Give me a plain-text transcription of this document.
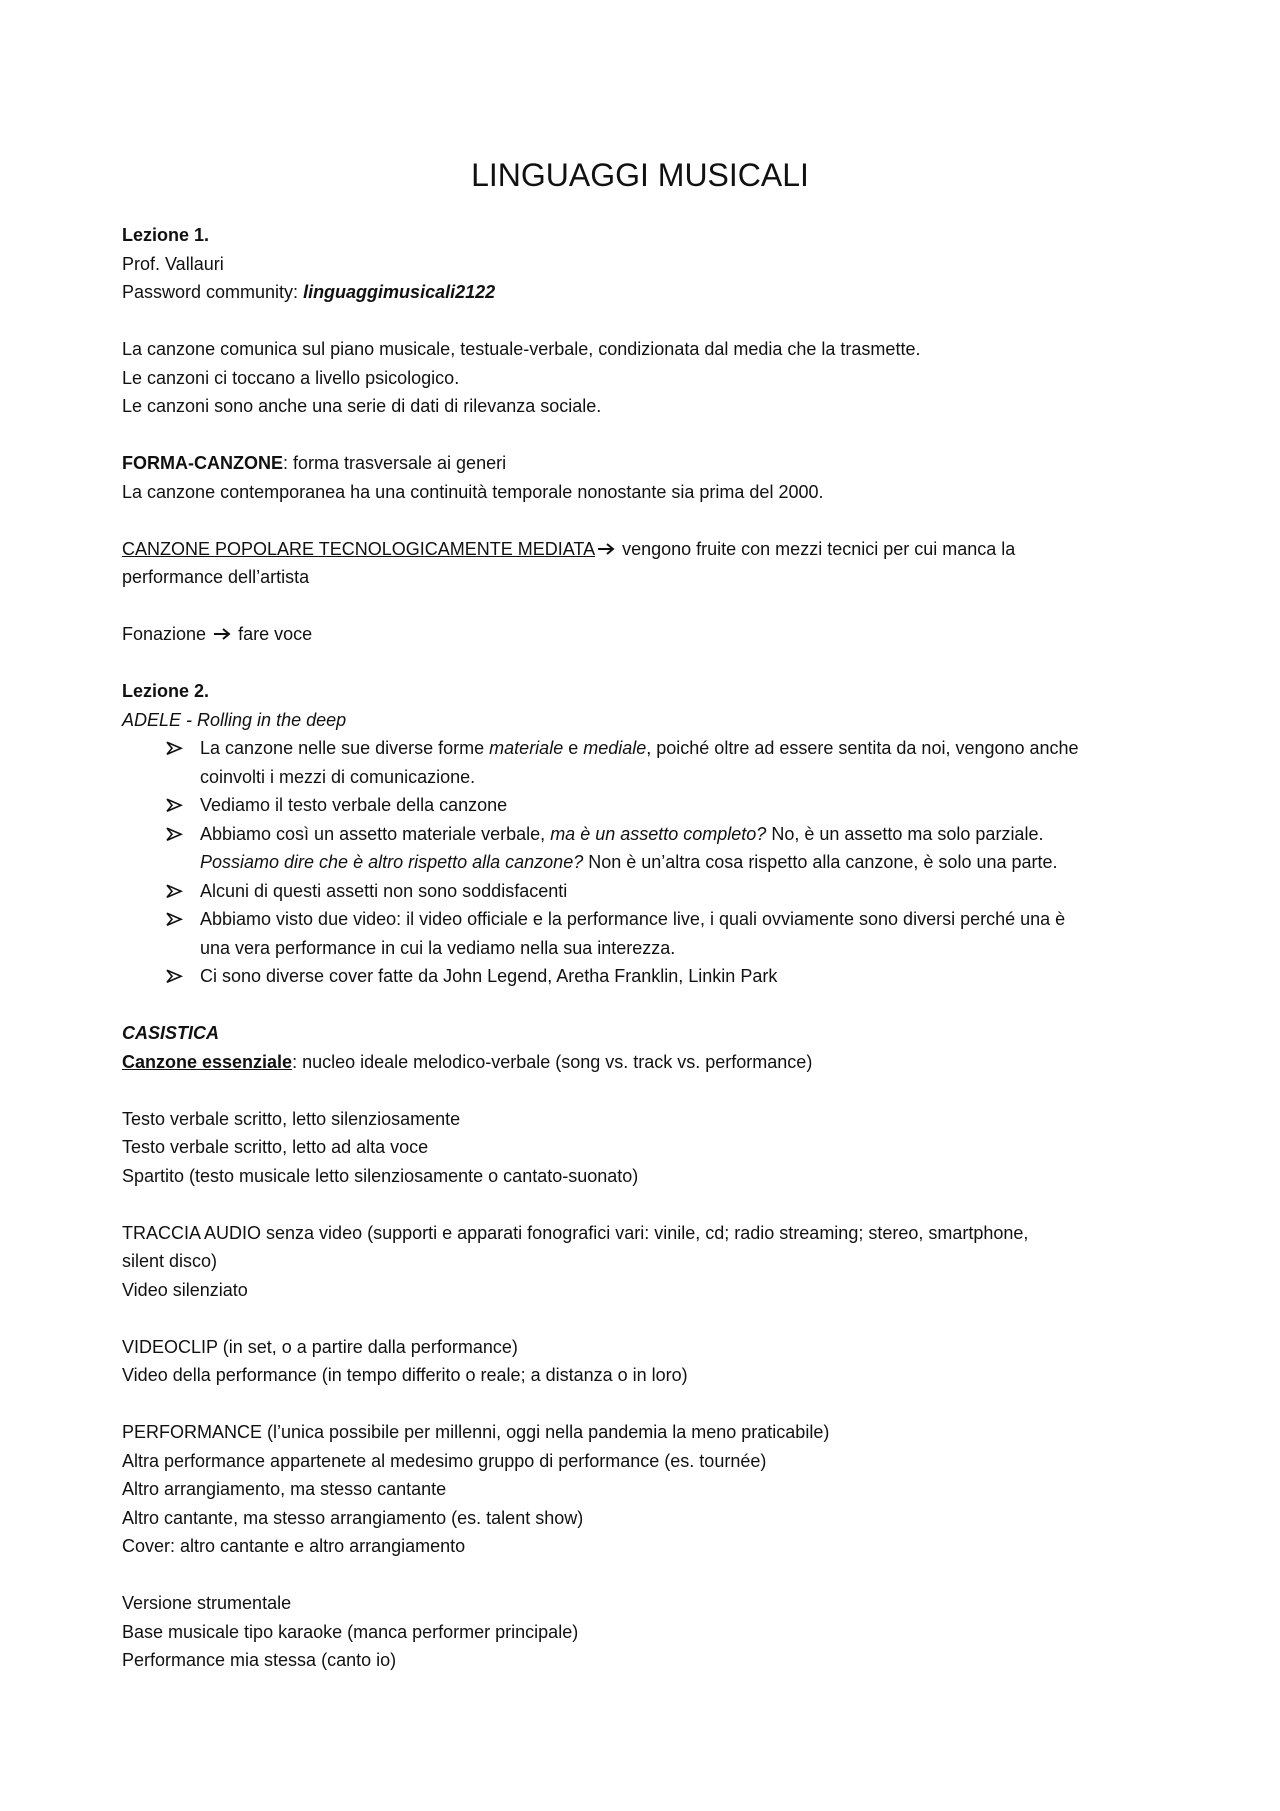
LINGUAGGI MUSICALI

Lezione 1.

Prof. Vallauri

Password community: linguaggimusicali2122

La canzone comunica sul piano musicale, testuale-verbale, condizionata dal media che la trasmette.

Le canzoni ci toccano a livello psicologico.

Le canzoni sono anche una serie di dati di rilevanza sociale.

FORMA-CANZONE: forma trasversale ai generi

La canzone contemporanea ha una continuità temporale nonostante sia prima del 2000.

CANZONE POPOLARE TECNOLOGICAMENTE MEDIATA vengono fruite con mezzi tecnici per cui manca la

performance dell’artista

Fonazione  fare voce

Lezione 2.

ADELE - Rolling in the deep

La canzone nelle sue diverse forme materiale e mediale, poiché oltre ad essere sentita da noi, vengono anche
coinvolti i mezzi di comunicazione.
Vediamo il testo verbale della canzone
Abbiamo così un assetto materiale verbale, ma è un assetto completo? No, è un assetto ma solo parziale.
Possiamo dire che è altro rispetto alla canzone? Non è un’altra cosa rispetto alla canzone, è solo una parte.
Alcuni di questi assetti non sono soddisfacenti
Abbiamo visto due video: il video officiale e la performance live, i quali ovviamente sono diversi perché una è
una vera performance in cui la vediamo nella sua interezza.
Ci sono diverse cover fatte da John Legend, Aretha Franklin, Linkin Park

CASISTICA

Canzone essenziale: nucleo ideale melodico-verbale (song vs. track vs. performance)

Testo verbale scritto, letto silenziosamente

Testo verbale scritto, letto ad alta voce

Spartito (testo musicale letto silenziosamente o cantato-suonato)

TRACCIA AUDIO senza video (supporti e apparati fonografici vari: vinile, cd; radio streaming; stereo, smartphone,

silent disco)

Video silenziato

VIDEOCLIP (in set, o a partire dalla performance)

Video della performance (in tempo differito o reale; a distanza o in loro)

PERFORMANCE (l’unica possibile per millenni, oggi nella pandemia la meno praticabile)

Altra performance appartenete al medesimo gruppo di performance (es. tournée)

Altro arrangiamento, ma stesso cantante

Altro cantante, ma stesso arrangiamento (es. talent show)

Cover: altro cantante e altro arrangiamento

Versione strumentale

Base musicale tipo karaoke (manca performer principale)

Performance mia stessa (canto io)
